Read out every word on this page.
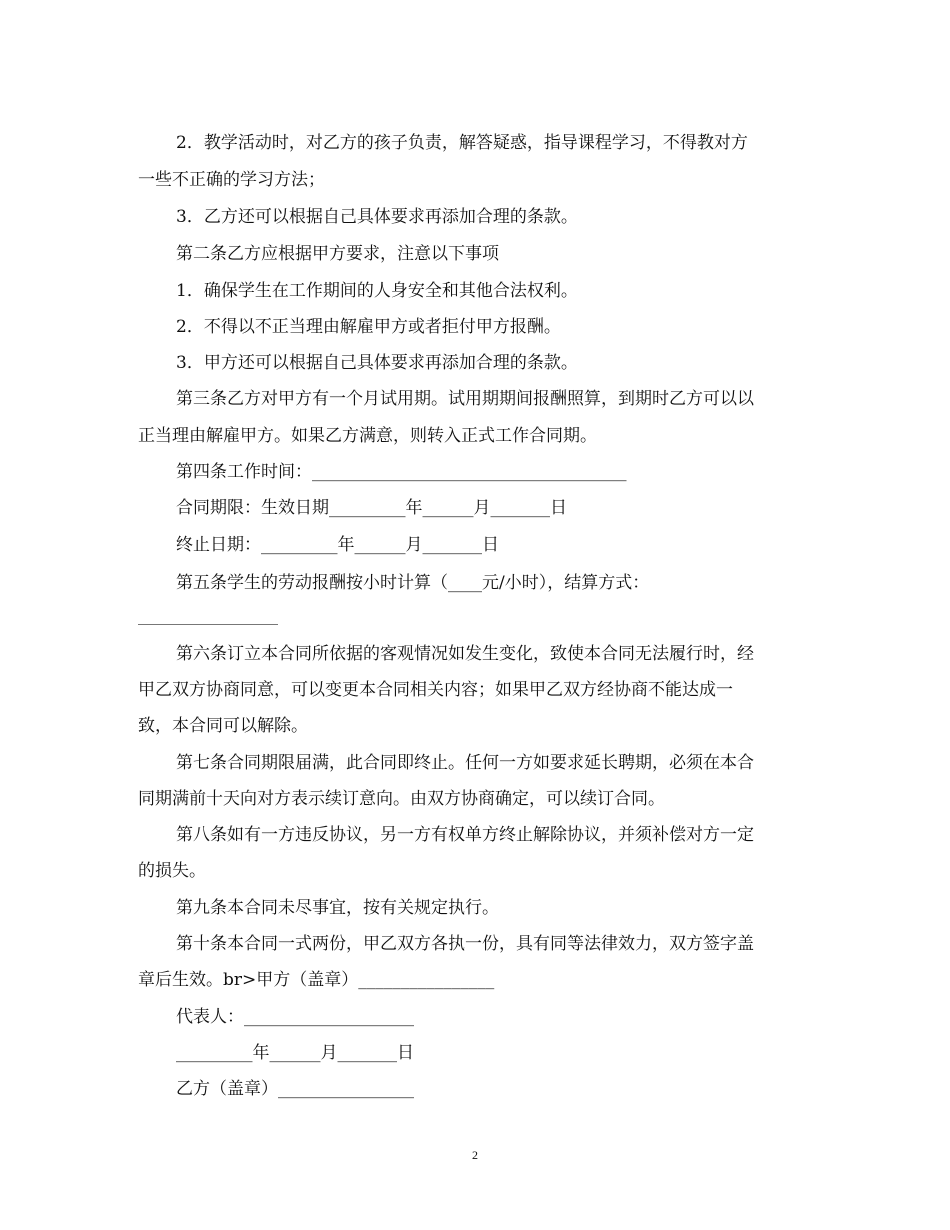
2．教学活动时，对乙方的孩子负责，解答疑惑，指导课程学习，不得教对方
一些不正确的学习方法；
3．乙方还可以根据自己具体要求再添加合理的条款。
第二条乙方应根据甲方要求，注意以下事项
1．确保学生在工作期间的人身安全和其他合法权利。
2．不得以不正当理由解雇甲方或者拒付甲方报酬。
3．甲方还可以根据自己具体要求再添加合理的条款。
第三条乙方对甲方有一个月试用期。试用期期间报酬照算，到期时乙方可以以
正当理由解雇甲方。如果乙方满意，则转入正式工作合同期。
第四条工作时间：_____________________________________
合同期限：生效日期_________年______月_______日
终止日期：_________年______月_______日
第五条学生的劳动报酬按小时计算（____元/小时），结算方式：
第六条订立本合同所依据的客观情况如发生变化，致使本合同无法履行时，经
甲乙双方协商同意，可以变更本合同相关内容；如果甲乙双方经协商不能达成一
致，本合同可以解除。
第七条合同期限届满，此合同即终止。任何一方如要求延长聘期，必须在本合
同期满前十天向对方表示续订意向。由双方协商确定，可以续订合同。
第八条如有一方违反协议，另一方有权单方终止解除协议，并须补偿对方一定
的损失。
第九条本合同未尽事宜，按有关规定执行。
第十条本合同一式两份，甲乙双方各执一份，具有同等法律效力，双方签字盖
章后生效。br>甲方（盖章）________________
代表人：____________________
_________年______月_______日
乙方（盖章）________________
2
